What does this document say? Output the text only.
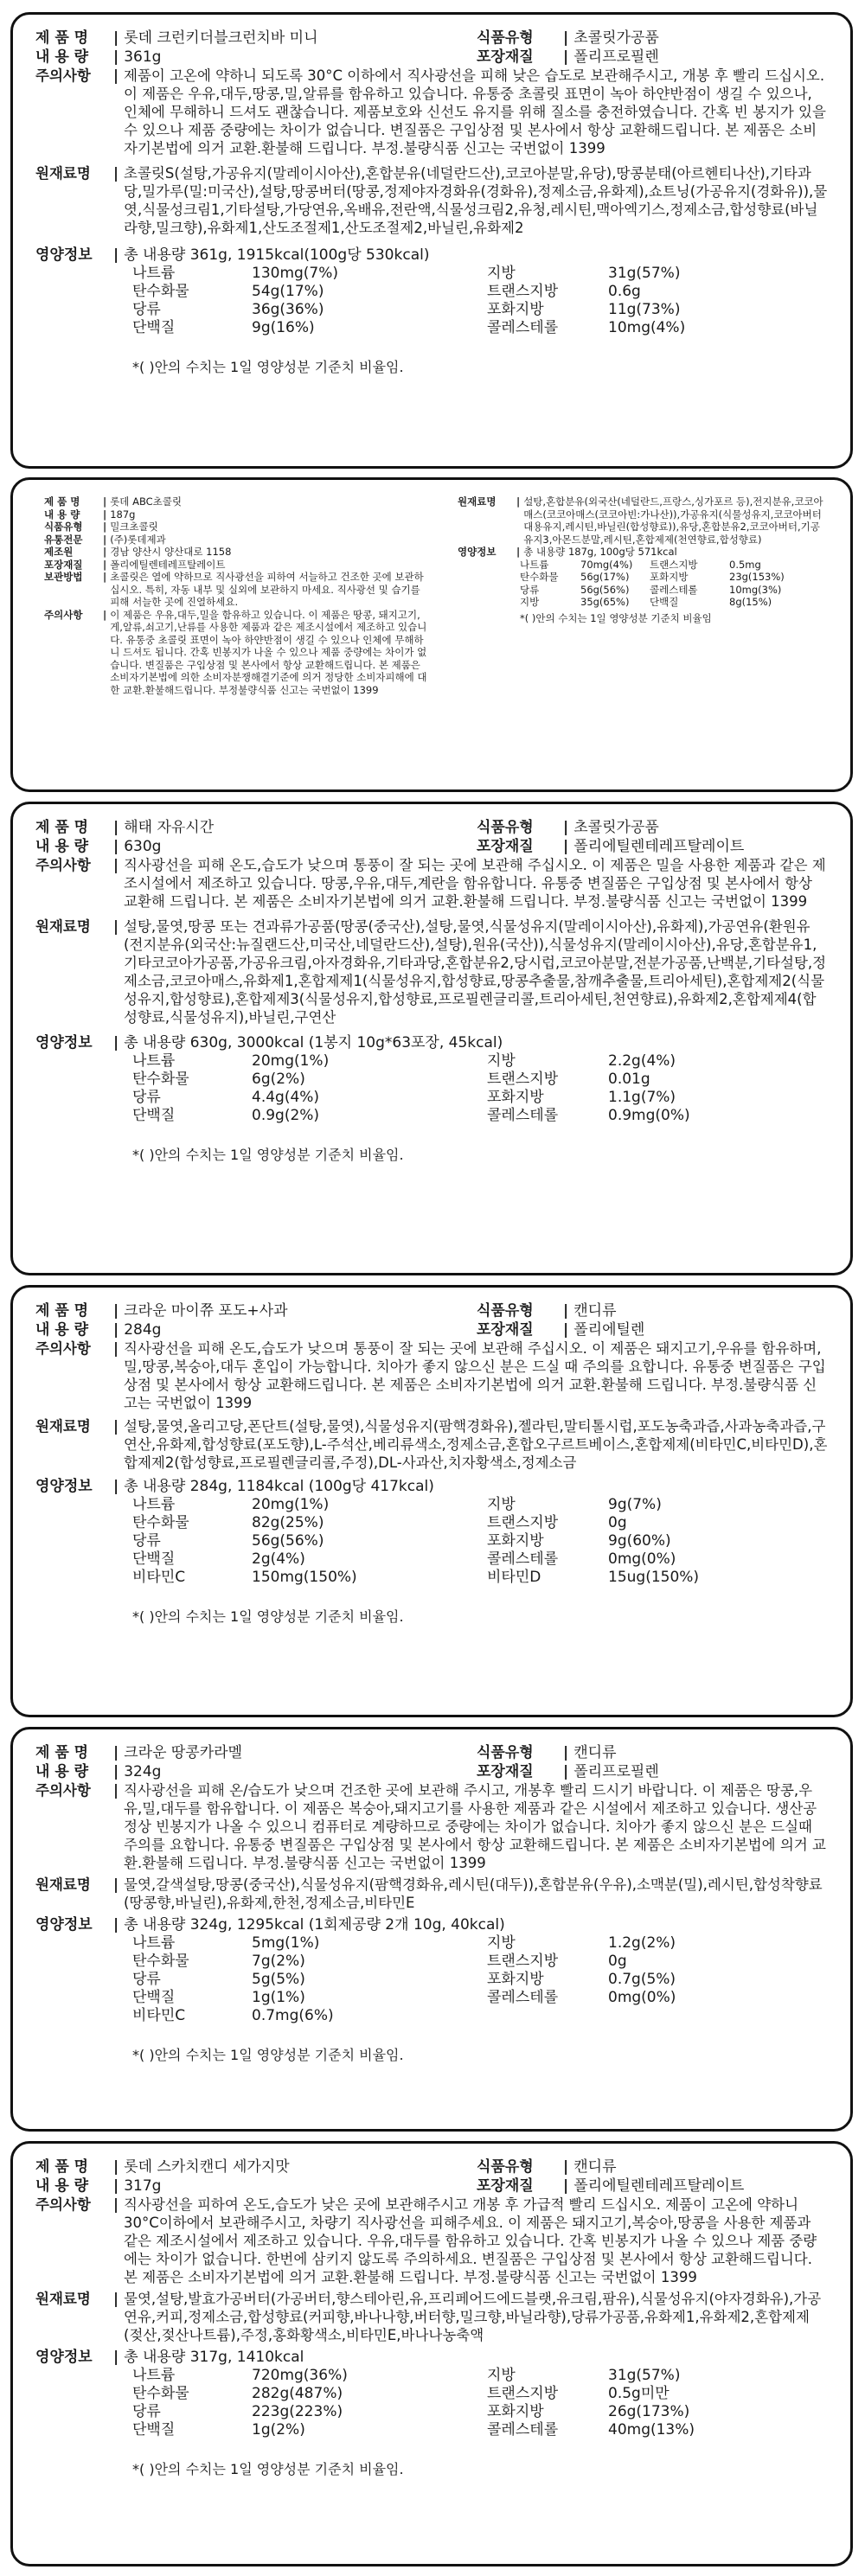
제 품 명	| 롯데 크런키더블크런치바 미니
내 용 량	| 361g
식품유형	| 초콜릿가공품
포장재질	| 폴리프로필렌
주의사항	| 제품이 고온에 약하니 되도록 30°C 이하에서 직사광선을 피해 낮은 습도로 보관해주시고, 개봉 후 빨리 드십시오. 이 제품은 우유,대두,땅콩,밀,알류를 함유하고 있습니다. 유통중 초콜릿 표면이 녹아 하얀반점이 생길 수 있으나, 인체에 무해하니 드셔도 괜찮습니다. 제품보호와 신선도 유지를 위해 질소를 충전하였습니다. 간혹 빈 봉지가 있을 수 있으나 제품 중량에는 차이가 없습니다. 변질품은 구입상점 및 본사에서 항상 교환해드립니다. 본 제품은 소비자기본법에 의거 교환.환불해 드립니다. 부정.불량식품 신고는 국번없이 1399
원재료명	| 초콜릿S(설탕,가공유지(말레이시아산),혼합분유(네덜란드산),코코아분말,유당),땅콩분태(아르헨티나산),기타과당,밀가루(밀:미국산),설탕,땅콩버터(땅콩,정제야자경화유(경화유),정제소금,유화제),쇼트닝(가공유지(경화유)),물엿,식물성크림1,기타설탕,가당연유,옥배유,전란액,식물성크림2,유청,레시틴,맥아엑기스,정제소금,합성향료(바닐라향,밀크향),유화제1,산도조절제1,산도조절제2,바닐린,유화제2
영양정보	| 총 내용량 361g, 1915kcal(100g당 530kcal)
나트륨	130mg(7%)	지방	31g(57%)
탄수화물	54g(17%)	트랜스지방	0.6g
당류	36g(36%)	포화지방	11g(73%)
단백질	9g(16%)	콜레스테롤	10mg(4%)
*( )안의 수치는 1일 영양성분 기준치 비율임.
제 품 명	| 롯데 ABC초콜릿
내 용 량	| 187g
식품유형	| 밀크초콜릿
유통전문	| (주)롯데제과
제조원	| 경남 양산시 양산대로 1158
포장재질	| 폴리에틸렌테레프탈레이트
보관방법	| 초콜릿은 열에 약하므로 직사광선을 피하여 서늘하고 건조한 곳에 보관하십시오. 특히, 자동 내부 및 실외에 보관하지 마세요. 직사광선 및 습기를 피해 서늘한 곳에 진열하세요.
주의사항	| 이 제품은 우유,대두,밀을 함유하고 있습니다. 이 제품은 땅콩, 돼지고기,게,알류,쇠고기,난류를 사용한 제품과 같은 제조시설에서 제조하고 있습니다. 유통중 초콜릿 표면이 녹아 하얀반점이 생길 수 있으나 인체에 무해하니 드셔도 됩니다. 간혹 빈봉지가 나올 수 있으나 제품 중량에는 차이가 없습니다. 변질품은 구입상점 및 본사에서 항상 교환해드립니다. 본 제품은 소비자기본법에 의한 소비자분쟁해결기준에 의거 정당한 소비자피해에 대한 교환.환불해드립니다. 부정불량식품 신고는 국번없이 1399
원재료명	| 설탕,혼합분유(외국산(네덜란드,프랑스,싱가포르 등),전지분유,코코아매스(코코아매스(코코아빈:가나산)),가공유지(식물성유지,코코아버터대용유지,레시틴,바닐린(합성향료)),유당,혼합분유2,코코아버터,기공유지3,아몬드분말,레시틴,혼합제제(천연향료,합성향료)
영양정보	| 총 내용량 187g, 100g당 571kcal
나트륨	70mg(4%) 트랜스지방	0.5mg
탄수화물	56g(17%) 포화지방	23g(153%)
당류	56g(56%) 콜레스테롤	10mg(3%)
지방	35g(65%) 단백질	8g(15%)
*( )안의 수치는 1일 영양성분 기준치 비율임
제 품 명	| 해태 자유시간
내 용 량	| 630g
식품유형	| 초콜릿가공품
포장재질	| 폴리에틸렌테레프탈레이트
주의사항	| 직사광선을 피해 온도,습도가 낮으며 통풍이 잘 되는 곳에 보관해 주십시오. 이 제품은 밀을 사용한 제품과 같은 제조시설에서 제조하고 있습니다. 땅콩,우유,대두,계란을 함유합니다. 유통중 변질품은 구입상점 및 본사에서 항상 교환해 드립니다. 본 제품은 소비자기본법에 의거 교환.환불해 드립니다. 부정.불량식품 신고는 국번없이 1399
원재료명	| 설탕,물엿,땅콩 또는 견과류가공품(땅콩(중국산),설탕,물엿,식물성유지(말레이시아산),유화제),가공연유(환원유(전지분유(외국산:뉴질랜드산,미국산,네덜란드산),설탕),원유(국산)),식물성유지(말레이시아산),유당,혼합분유1,기타코코아가공품,가공유크림,아자경화유,기타과당,혼합분유2,당시럽,코코아분말,전분가공품,난백분,기타설탕,정제소금,코코아매스,유화제1,혼합제제1(식물성유지,합성향료,땅콩추출물,참깨추출물,트리아세틴),혼합제제2(식물성유지,합성향료),혼합제제3(식물성유지,합성향료,프로필렌글리콜,트리아세틴,천연향료),유화제2,혼합제제4(합성향료,식물성유지),바닐린,구연산
영양정보	| 총 내용량 630g, 3000kcal (1봉지 10g*63포장, 45kcal)
나트륨	20mg(1%)	지방	2.2g(4%)
탄수화물	6g(2%)	트랜스지방	0.01g
당류	4.4g(4%)	포화지방	1.1g(7%)
단백질	0.9g(2%)	콜레스테롤	0.9mg(0%)
*( )안의 수치는 1일 영양성분 기준치 비율임.
제 품 명	| 크라운 마이쮸 포도+사과
내 용 량	| 284g
식품유형	| 캔디류
포장재질	| 폴리에틸렌
주의사항	| 직사광선을 피해 온도,습도가 낮으며 통풍이 잘 되는 곳에 보관해 주십시오. 이 제품은 돼지고기,우유를 함유하며, 밀,땅콩,복숭아,대두 혼입이 가능합니다. 치아가 좋지 않으신 분은 드실 때 주의를 요합니다. 유통중 변질품은 구입상점 및 본사에서 항상 교환해드립니다. 본 제품은 소비자기본법에 의거 교환.환불해 드립니다. 부정.불량식품 신고는 국번없이 1399
원재료명	| 설탕,물엿,올리고당,폰단트(설탕,물엿),식물성유지(팜핵경화유),젤라틴,말티톨시럽,포도농축과즙,사과농축과즙,구연산,유화제,합성향료(포도향),L-주석산,베리류색소,정제소금,혼합오구르트베이스,혼합제제(비타민C,비타민D),혼합제제2(합성향료,프로필렌글리콜,주정),DL-사과산,치자황색소,정제소금
영양정보	| 총 내용량 284g, 1184kcal (100g당 417kcal)
나트륨	20mg(1%)	지방	9g(7%)
탄수화물	82g(25%)	트랜스지방	0g
당류	56g(56%)	포화지방	9g(60%)
단백질	2g(4%)	콜레스테롤	0mg(0%)
비타민C	150mg(150%)	비타민D	15ug(150%)
*( )안의 수치는 1일 영양성분 기준치 비율임.
제 품 명	| 크라운 땅콩카라멜
내 용 량	| 324g
식품유형	| 캔디류
포장재질	| 폴리프로필렌
주의사항	| 직사광선을 피해 온/습도가 낮으며 건조한 곳에 보관해 주시고, 개봉후 빨리 드시기 바랍니다. 이 제품은 땅콩,우유,밀,대두를 함유합니다. 이 제품은 복숭아,돼지고기를 사용한 제품과 같은 시설에서 제조하고 있습니다. 생산공정상 빈봉지가 나올 수 있으니 컴퓨터로 계량하므로 중량에는 차이가 없습니다. 치아가 좋지 않으신 분은 드실때 주의를 요합니다. 유통중 변질품은 구입상점 및 본사에서 항상 교환해드립니다. 본 제품은 소비자기본법에 의거 교환.환불해 드립니다. 부정.불량식품 신고는 국번없이 1399
원재료명	| 물엿,갈색설탕,땅콩(중국산),식물성유지(팜핵경화유,레시틴(대두)),혼합분유(우유),소맥분(밀),레시틴,합성착향료(땅콩향,바닐린),유화제,한천,정제소금,비타민E
영양정보	| 총 내용량 324g, 1295kcal (1회제공량 2개 10g, 40kcal)
나트륨	5mg(1%)	지방	1.2g(2%)
탄수화물	7g(2%)	트랜스지방	0g
당류	5g(5%)	포화지방	0.7g(5%)
단백질	1g(1%)	콜레스테롤	0mg(0%)
비타민C	0.7mg(6%)
*( )안의 수치는 1일 영양성분 기준치 비율임.
제 품 명	| 롯데 스카치캔디 세가지맛
내 용 량	| 317g
식품유형	| 캔디류
포장재질	| 폴리에틸렌테레프탈레이트
주의사항	| 직사광선을 피하여 온도,습도가 낮은 곳에 보관해주시고 개봉 후 가급적 빨리 드십시오. 제품이 고온에 약하니 30°C이하에서 보관해주시고, 차량기 직사광선을 피해주세요. 이 제품은 돼지고기,복숭아,땅콩을 사용한 제품과 같은 제조시설에서 제조하고 있습니다. 우유,대두를 함유하고 있습니다. 간혹 빈봉지가 나올 수 있으나 제품 중량에는 차이가 없습니다. 한번에 삼키지 않도록 주의하세요. 변질품은 구입상점 및 본사에서 항상 교환해드립니다. 본 제품은 소비자기본법에 의거 교환.환불해 드립니다. 부정.불량식품 신고는 국번없이 1399
원재료명	| 물엿,설탕,발효가공버터(가공버터,향스테아린,유,프리페어드에드블랫,유크림,팜유),식물성유지(야자경화유),가공연유,커피,정제소금,합성향료(커피향,바나나향,버터향,밀크향,바닐라향),당류가공품,유화제1,유화제2,혼합제제(젖산,젖산나트륨),주정,홍화황색소,비타민E,바나나농축액
영양정보	| 총 내용량 317g, 1410kcal
나트륨	720mg(36%)	지방	31g(57%)
탄수화물	282g(487%)	트랜스지방	0.5g미만
당류	223g(223%)	포화지방	26g(173%)
단백질	1g(2%)	콜레스테롤	40mg(13%)
*( )안의 수치는 1일 영양성분 기준치 비율임.
